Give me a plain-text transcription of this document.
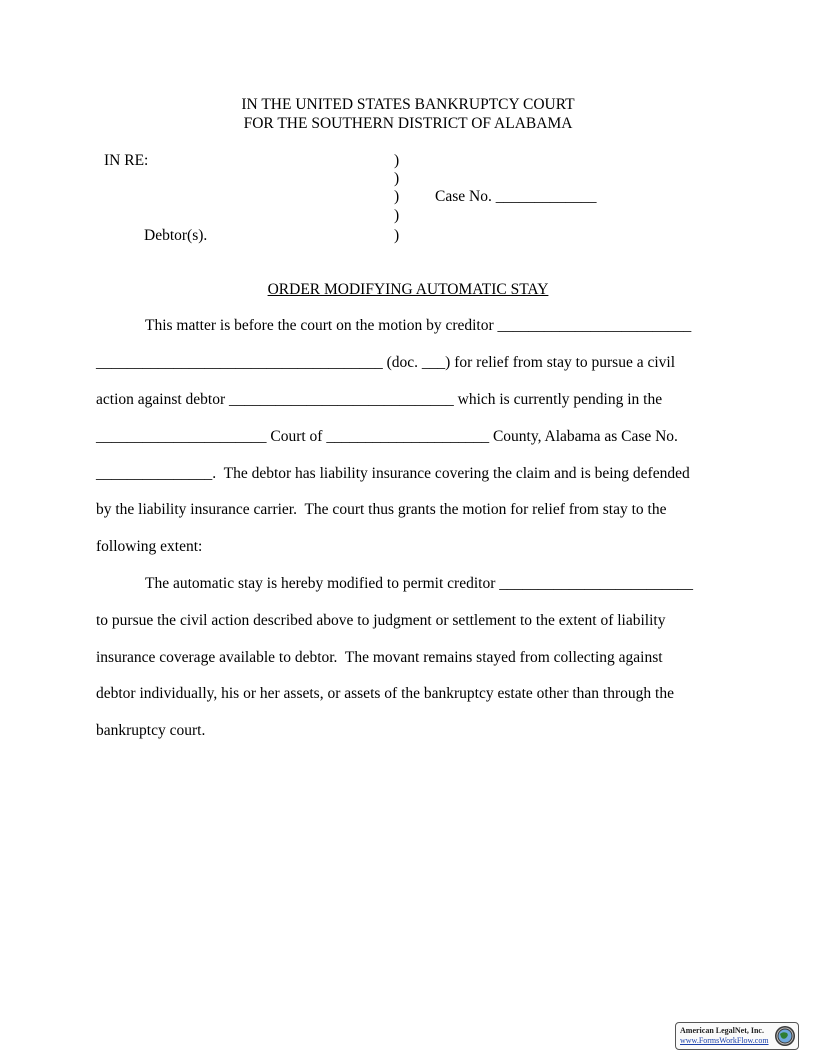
IN THE UNITED STATES BANKRUPTCY COURT
FOR THE SOUTHERN DISTRICT OF ALABAMA
IN RE:	)
)
) Case No. _____________
)
Debtor(s).	)
ORDER MODIFYING AUTOMATIC STAY
This matter is before the court on the motion by creditor _________________________
_____________________________________ (doc. ___) for relief from stay to pursue a civil
action against debtor _____________________________ which is currently pending in the
______________________ Court of _____________________ County, Alabama as Case No.
_______________.  The debtor has liability insurance covering the claim and is being defended
by the liability insurance carrier.  The court thus grants the motion for relief from stay to the
following extent:
The automatic stay is hereby modified to permit creditor _________________________
to pursue the civil action described above to judgment or settlement to the extent of liability
insurance coverage available to debtor.  The movant remains stayed from collecting against
debtor individually, his or her assets, or assets of the bankruptcy estate other than through the
bankruptcy court.
American LegalNet, Inc.
www.FormsWorkFlow.com
